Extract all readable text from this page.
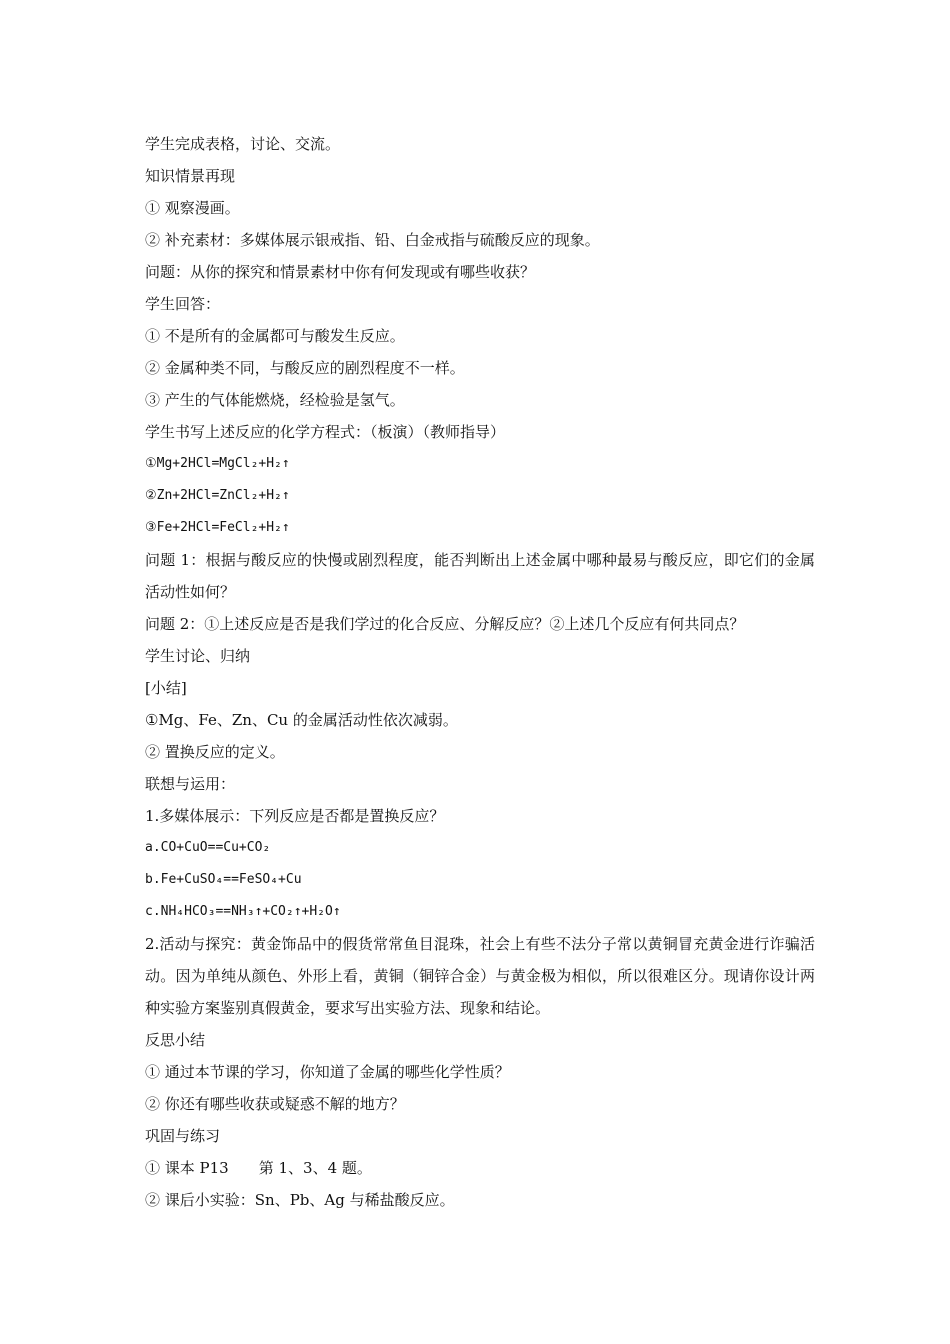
学生完成表格，讨论、交流。
知识情景再现
① 观察漫画。
② 补充素材：多媒体展示银戒指、铅、白金戒指与硫酸反应的现象。
问题：从你的探究和情景素材中你有何发现或有哪些收获？
学生回答：
① 不是所有的金属都可与酸发生反应。
② 金属种类不同，与酸反应的剧烈程度不一样。
③ 产生的气体能燃烧，经检验是氢气。
学生书写上述反应的化学方程式：（板演）（教师指导）
①Mg+2HCl=MgCl₂+H₂↑
②Zn+2HCl=ZnCl₂+H₂↑
③Fe+2HCl=FeCl₂+H₂↑
问题 1：根据与酸反应的快慢或剧烈程度，能否判断出上述金属中哪种最易与酸反应，即它们的金属活动性如何？
问题 2：①上述反应是否是我们学过的化合反应、分解反应？②上述几个反应有何共同点？
学生讨论、归纳
[小结]
①Mg、Fe、Zn、Cu 的金属活动性依次减弱。
② 置换反应的定义。
联想与运用：
1.多媒体展示：下列反应是否都是置换反应？
a.CO+CuO==Cu+CO₂
b.Fe+CuSO₄==FeSO₄+Cu
c.NH₄HCO₃==NH₃↑+CO₂↑+H₂O↑
2.活动与探究：黄金饰品中的假货常常鱼目混珠，社会上有些不法分子常以黄铜冒充黄金进行诈骗活动。因为单纯从颜色、外形上看，黄铜（铜锌合金）与黄金极为相似，所以很难区分。现请你设计两种实验方案鉴别真假黄金，要求写出实验方法、现象和结论。
反思小结
① 通过本节课的学习，你知道了金属的哪些化学性质？
② 你还有哪些收获或疑惑不解的地方？
巩固与练习
① 课本 P13　　第 1、3、4 题。
② 课后小实验：Sn、Pb、Ag 与稀盐酸反应。
